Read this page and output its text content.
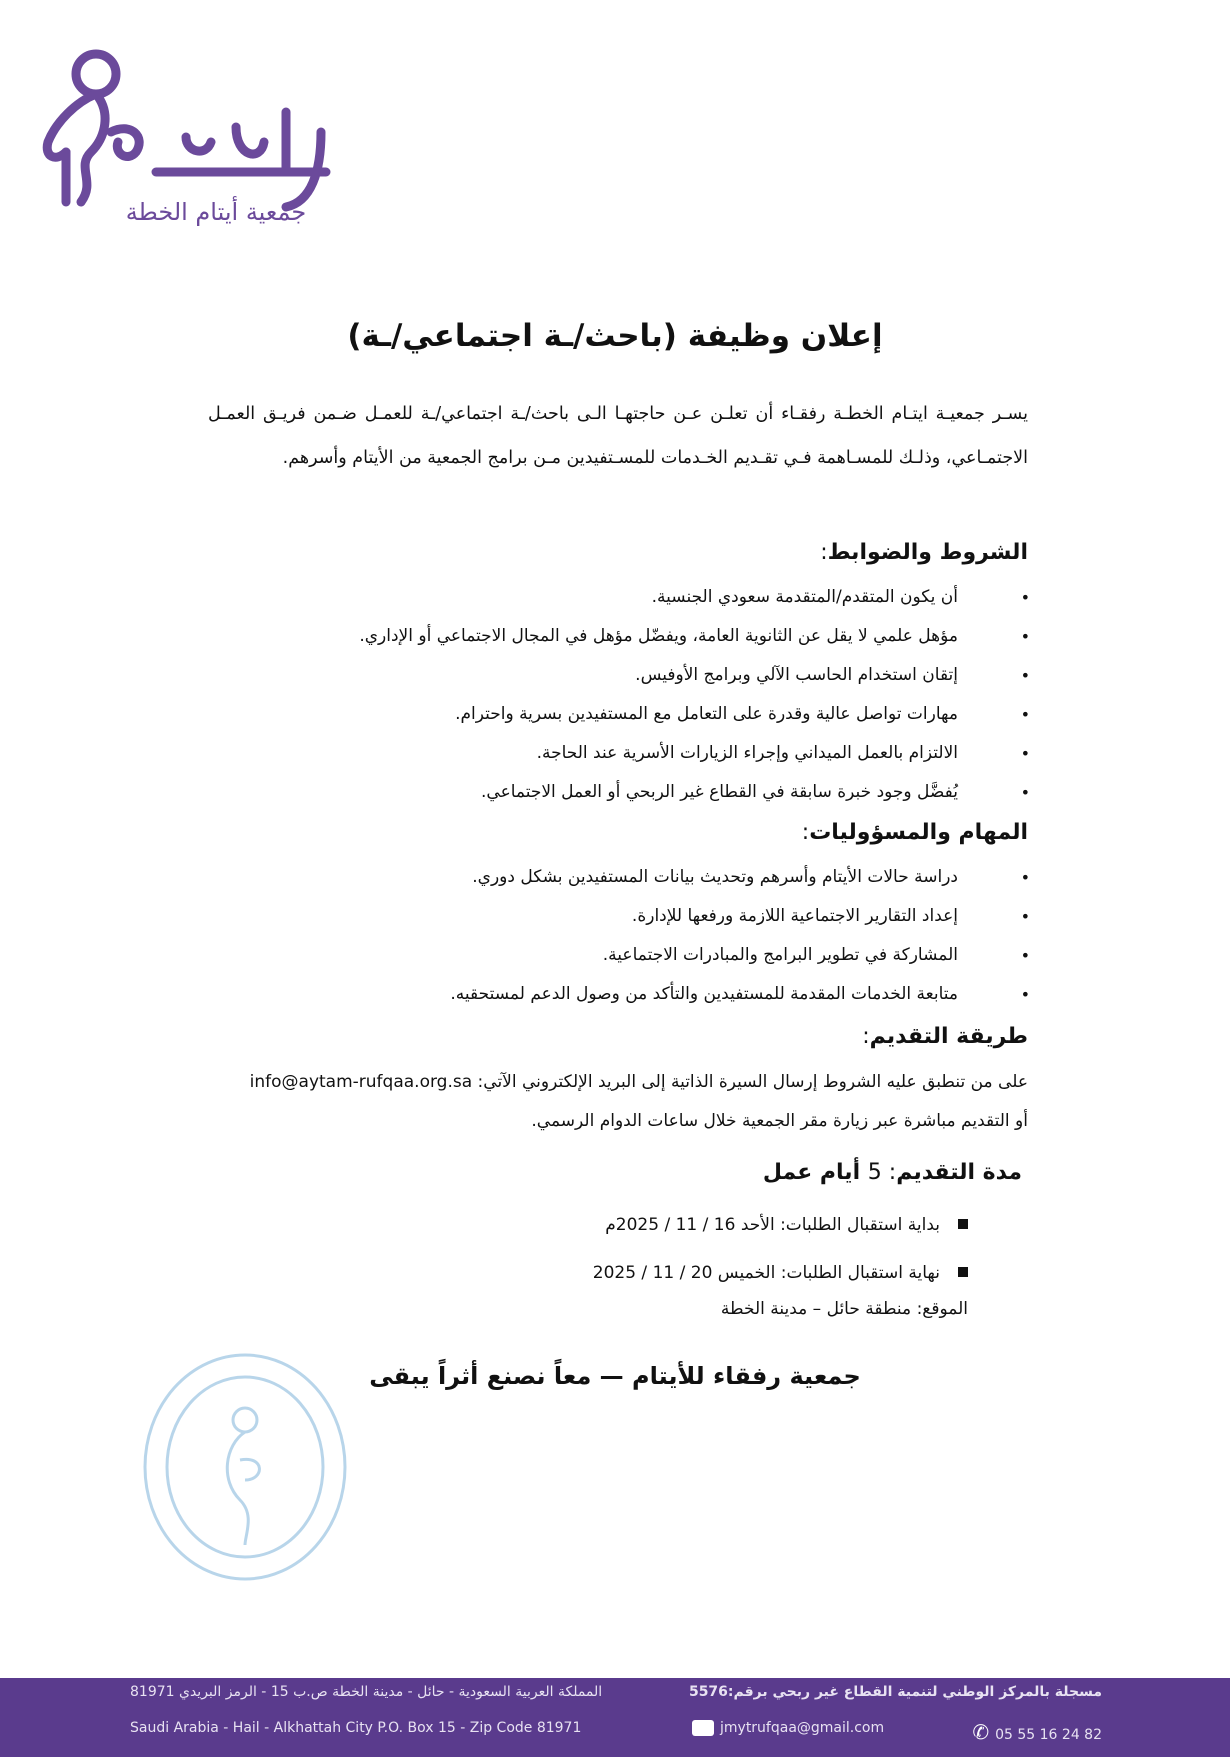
جمعية أيتام الخطة
إعلان وظيفة (باحث/ـة اجتماعي/ـة)
يسـر جمعيـة ايتـام الخطـة رفقـاء أن تعلـن عـن حاجتهـا الـى باحث/ـة اجتماعي/ـة للعمـل ضـمن فريـق العمـل الاجتمـاعي، وذلـك للمسـاهمة فـي تقـديم الخـدمات للمسـتفيدين مـن برامج الجمعية من الأيتام وأسرهم.
الشروط والضوابط:
• أن يكون المتقدم/المتقدمة سعودي الجنسية.
• مؤهل علمي لا يقل عن الثانوية العامة، ويفضّل مؤهل في المجال الاجتماعي أو الإداري.
• إتقان استخدام الحاسب الآلي وبرامج الأوفيس.
• مهارات تواصل عالية وقدرة على التعامل مع المستفيدين بسرية واحترام.
• الالتزام بالعمل الميداني وإجراء الزيارات الأسرية عند الحاجة.
• يُفضَّل وجود خبرة سابقة في القطاع غير الربحي أو العمل الاجتماعي.
المهام والمسؤوليات:
• دراسة حالات الأيتام وأسرهم وتحديث بيانات المستفيدين بشكل دوري.
• إعداد التقارير الاجتماعية اللازمة ورفعها للإدارة.
• المشاركة في تطوير البرامج والمبادرات الاجتماعية.
• متابعة الخدمات المقدمة للمستفيدين والتأكد من وصول الدعم لمستحقيه.
طريقة التقديم:
على من تنطبق عليه الشروط إرسال السيرة الذاتية إلى البريد الإلكتروني الآتي: info@aytam-rufqaa.org.sa
أو التقديم مباشرة عبر زيارة مقر الجمعية خلال ساعات الدوام الرسمي.
مدة التقديم: 5 أيام عمل
بداية استقبال الطلبات: الأحد 16 / 11 / 2025م
نهاية استقبال الطلبات: الخميس 20 / 11 / 2025
الموقع: منطقة حائل – مدينة الخطة
جمعية رفقاء للأيتام — معاً نصنع أثراً يبقى
مسجلة بالمركز الوطني لتنمية القطاع غير ربحي برقم:5576
المملكة العربية السعودية - حائل - مدينة الخطة ص.ب 15 - الرمز البريدي 81971
Saudi Arabia - Hail - Alkhattah City P.O. Box 15 - Zip Code 81971	jmytrufqaa@gmail.com	✆ 05 55 16 24 82
